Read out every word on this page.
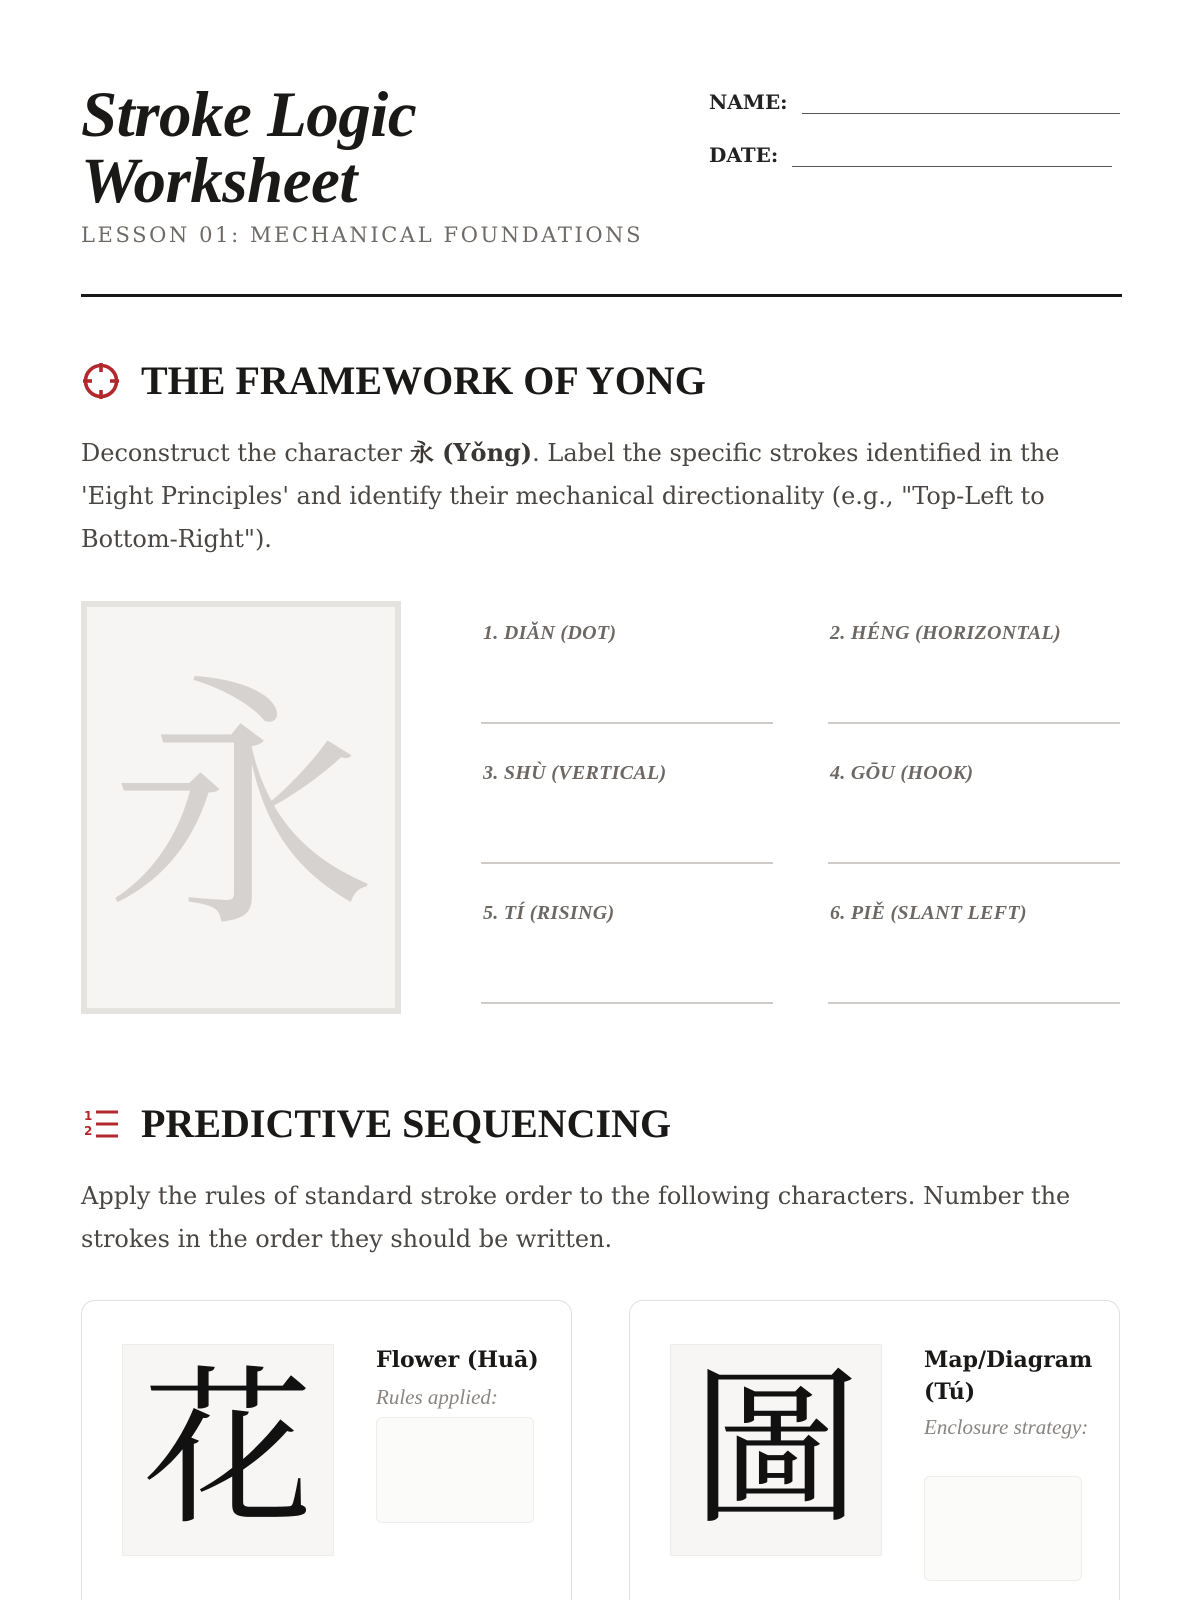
Stroke Logic
Worksheet
LESSON 01: MECHANICAL FOUNDATIONS
NAME:
DATE:
THE FRAMEWORK OF YONG

Deconstruct the character 永 (Yǒng). Label the specific strokes identified in the 'Eight Principles' and identify their mechanical directionality (e.g., "Top-Left to Bottom-Right").

永
1. DIĂN (DOT)	2. HÉNG (HORIZONTAL)
3. SHÙ (VERTICAL)	4. GŌU (HOOK)
5. TÍ (RISING)	6. PIĚ (SLANT LEFT)
1
2 PREDICTIVE SEQUENCING

Apply the rules of standard stroke order to the following characters. Number the strokes in the order they should be written.

花	Flower (Huā)
Rules applied: 圖	Map/Diagram (Tú)
Enclosure strategy:
